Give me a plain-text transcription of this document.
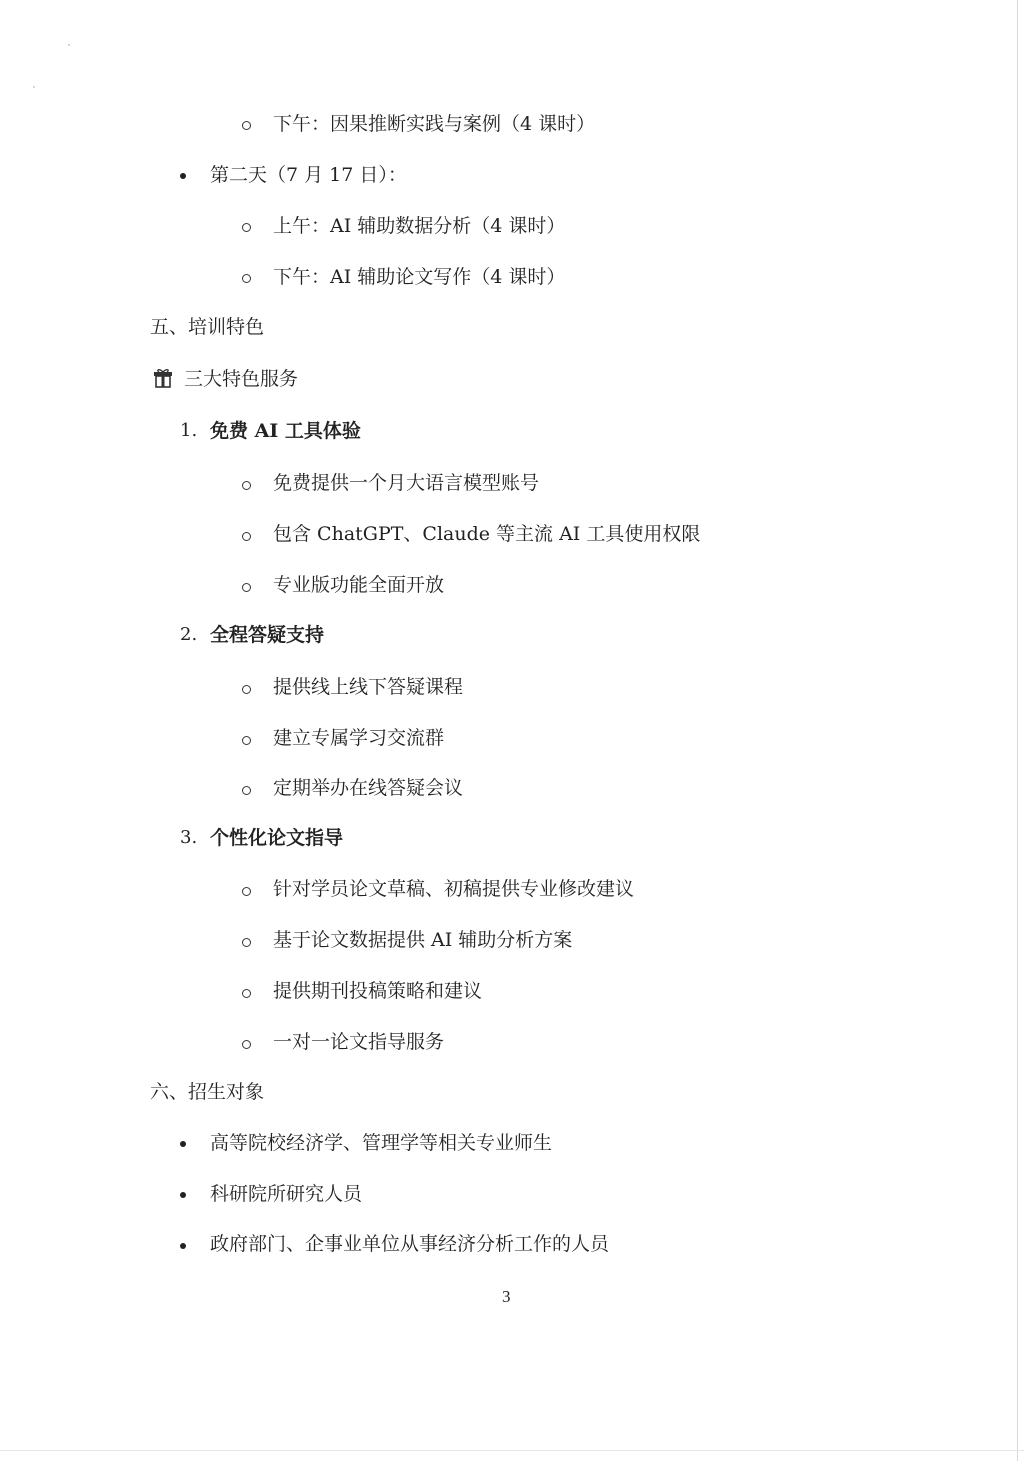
下午：因果推断实践与案例（4 课时）
第二天（7 月 17 日）：
上午：AI 辅助数据分析（4 课时）
下午：AI 辅助论文写作（4 课时）
五、培训特色
三大特色服务
1. 免费 AI 工具体验
免费提供一个月大语言模型账号
包含 ChatGPT、Claude 等主流 AI 工具使用权限
专业版功能全面开放
2. 全程答疑支持
提供线上线下答疑课程
建立专属学习交流群
定期举办在线答疑会议
3. 个性化论文指导
针对学员论文草稿、初稿提供专业修改建议
基于论文数据提供 AI 辅助分析方案
提供期刊投稿策略和建议
一对一论文指导服务
六、招生对象
高等院校经济学、管理学等相关专业师生
科研院所研究人员
政府部门、企事业单位从事经济分析工作的人员
3
